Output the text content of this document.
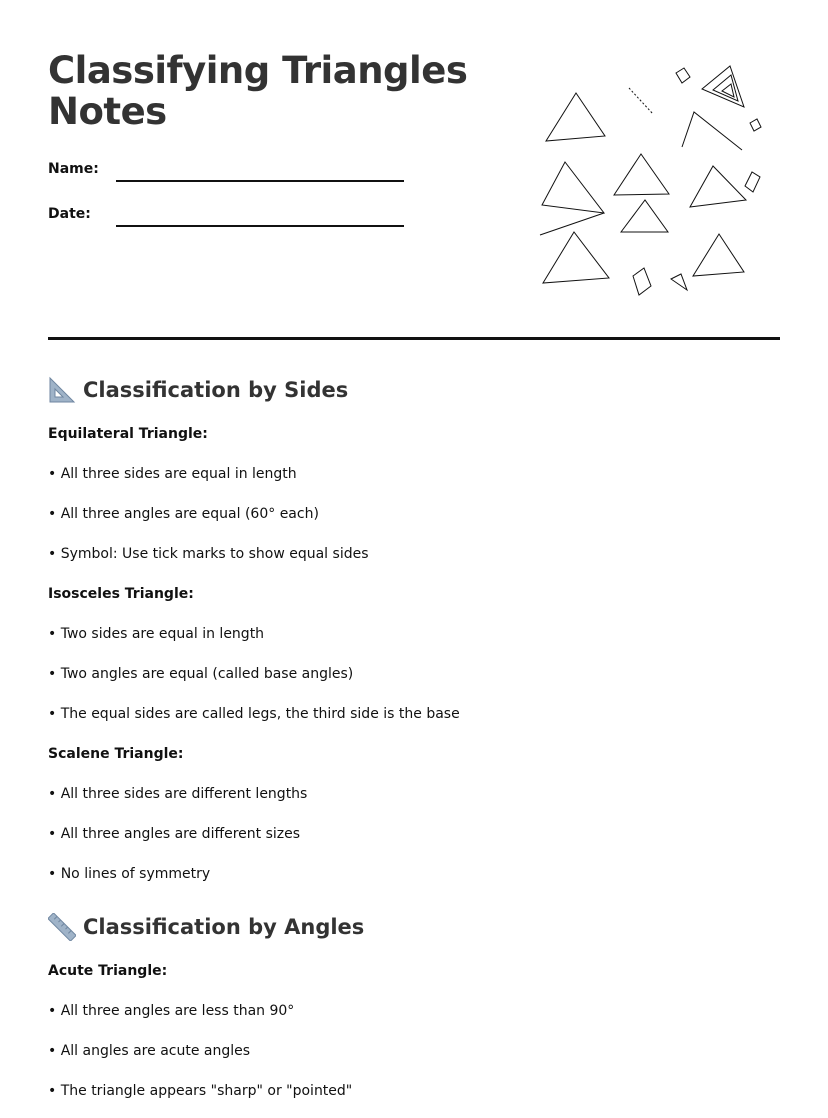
Classifying Triangles
Notes
Name:
Date:
Classification by Sides
Equilateral Triangle:
• All three sides are equal in length
• All three angles are equal (60° each)
• Symbol: Use tick marks to show equal sides
Isosceles Triangle:
• Two sides are equal in length
• Two angles are equal (called base angles)
• The equal sides are called legs, the third side is the base
Scalene Triangle:
• All three sides are different lengths
• All three angles are different sizes
• No lines of symmetry
Classification by Angles
Acute Triangle:
• All three angles are less than 90°
• All angles are acute angles
• The triangle appears "sharp" or "pointed"
